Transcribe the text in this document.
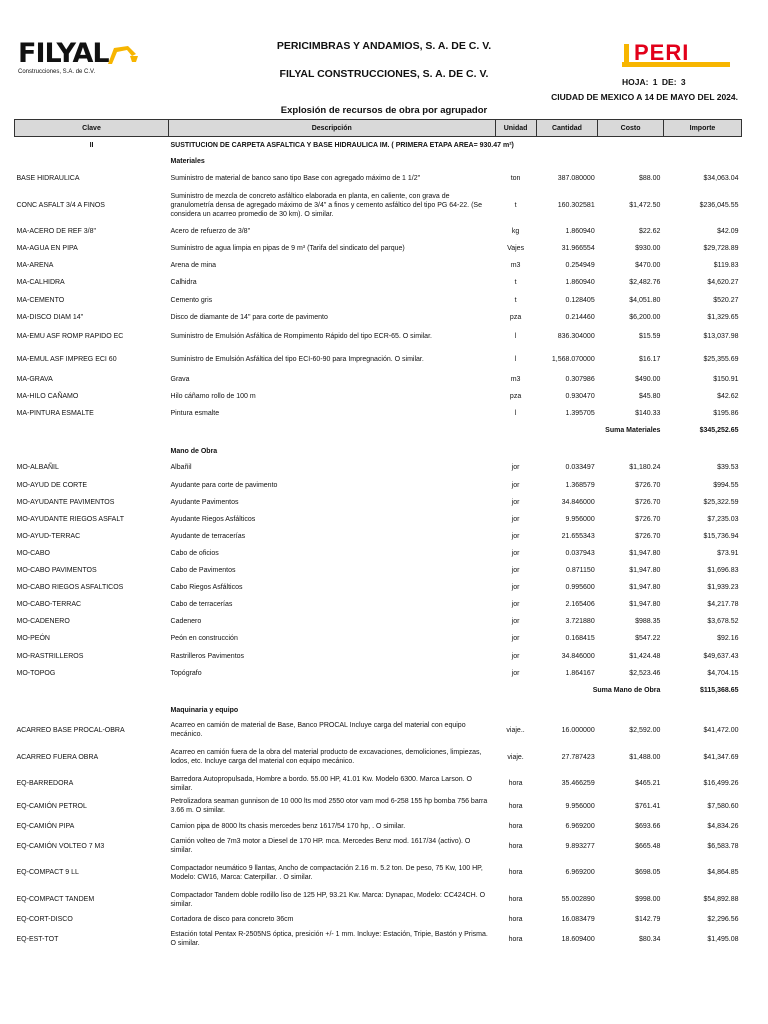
FILYAL
Construcciones, S.A. de C.V.
PERICIMBRAS Y ANDAMIOS, S. A. DE C. V.
FILYAL CONSTRUCCIONES, S. A. DE C. V.
PERI
HOJA: 1 DE: 3
CIUDAD DE MEXICO A 14 DE MAYO DEL 2024.
Explosión de recursos de obra por agrupador
Clave	Descripción	Unidad	Cantidad	Costo	Importe
II	SUSTITUCION DE CARPETA ASFALTICA Y BASE HIDRAULICA IM. ( PRIMERA ETAPA AREA= 930.47 m²)				
	Materiales				
BASE HIDRAULICA	Suministro de material de banco sano tipo Base con agregado máximo de 1 1/2"	ton	387.080000	$88.00	$34,063.04
CONC ASFALT 3/4 A FINOS	Suministro de mezcla de concreto asfáltico elaborada en planta, en caliente, con grava de granulometría densa de agregado máximo de 3/4" a finos y cemento asfáltico del tipo PG 64-22. (Se considera un acarreo promedio de 30 km). O similar.	t	160.302581	$1,472.50	$236,045.55
MA-ACERO DE REF 3/8"	Acero de refuerzo de 3/8"	kg	1.860940	$22.62	$42.09
MA-AGUA EN PIPA	Suministro de agua limpia en pipas de 9 m³ (Tarifa del sindicato del parque)	Vajes	31.966554	$930.00	$29,728.89
MA-ARENA	Arena de mina	m3	0.254949	$470.00	$119.83
MA-CALHIDRA	Calhidra	t	1.860940	$2,482.76	$4,620.27
MA-CEMENTO	Cemento gris	t	0.128405	$4,051.80	$520.27
MA-DISCO DIAM 14"	Disco de diamante de 14" para corte de pavimento	pza	0.214460	$6,200.00	$1,329.65
MA-EMU ASF ROMP RAPIDO EC	Suministro de Emulsión Asfáltica de Rompimento Rápido del tipo ECR-65. O similar.	l	836.304000	$15.59	$13,037.98
MA-EMUL ASF IMPREG ECI 60	Suministro de Emulsión Asfáltica del tipo ECI-60-90 para Impregnación. O similar.	l	1,568.070000	$16.17	$25,355.69
MA-GRAVA	Grava	m3	0.307986	$490.00	$150.91
MA-HILO CAÑAMO	Hilo cáñamo rollo de 100 m	pza	0.930470	$45.80	$42.62
MA-PINTURA ESMALTE	Pintura esmalte	l	1.395705	$140.33	$195.86
		Suma Materiales			$345,252.65

	Mano de Obra				
MO-ALBAÑIL	Albañil	jor	0.033497	$1,180.24	$39.53
MO-AYUD DE CORTE	Ayudante para corte de pavimento	jor	1.368579	$726.70	$994.55
MO-AYUDANTE PAVIMENTOS	Ayudante Pavimentos	jor	34.846000	$726.70	$25,322.59
MO-AYUDANTE RIEGOS ASFALT	Ayudante Riegos Asfálticos	jor	9.956000	$726.70	$7,235.03
MO-AYUD-TERRAC	Ayudante de terracerías	jor	21.655343	$726.70	$15,736.94
MO-CABO	Cabo de oficios	jor	0.037943	$1,947.80	$73.91
MO-CABO PAVIMENTOS	Cabo de Pavimentos	jor	0.871150	$1,947.80	$1,696.83
MO-CABO RIEGOS ASFALTICOS	Cabo Riegos Asfálticos	jor	0.995600	$1,947.80	$1,939.23
MO-CABO-TERRAC	Cabo de terracerías	jor	2.165406	$1,947.80	$4,217.78
MO-CADENERO	Cadenero	jor	3.721880	$988.35	$3,678.52
MO-PEÓN	Peón en construcción	jor	0.168415	$547.22	$92.16
MO-RASTRILLEROS	Rastrilleros Pavimentos	jor	34.846000	$1,424.48	$49,637.43
MO-TOPOG	Topógrafo	jor	1.864167	$2,523.46	$4,704.15
		Suma Mano de Obra			$115,368.65

	Maquinaria y equipo				
ACARREO BASE PROCAL-OBRA	Acarreo en camión de material de Base, Banco PROCAL Incluye carga del material con equipo mecánico.	viaje..	16.000000	$2,592.00	$41,472.00
ACARREO FUERA OBRA	Acarreo en camión fuera de la obra del material producto de excavaciones, demoliciones, limpiezas, lodos, etc. Incluye carga del material con equipo mecánico.	viaje.	27.787423	$1,488.00	$41,347.69
EQ-BARREDORA	Barredora Autopropulsada, Hombre a bordo. 55.00 HP, 41.01 Kw. Modelo 6300. Marca Larson. O similar.	hora	35.466259	$465.21	$16,499.26
EQ-CAMIÓN PETROL	Petrolizadora seaman gunnison de 10 000 lts mod 2550 otor vam mod 6-258 155 hp bomba 756 barra 3.66 m. O similar.	hora	9.956000	$761.41	$7,580.60
EQ-CAMIÓN PIPA	Camion pipa de 8000 lts chasis mercedes benz 1617/54 170 hp, . O similar.	hora	6.969200	$693.66	$4,834.26
EQ-CAMIÓN VOLTEO 7 M3	Camión volteo de 7m3 motor a Diesel de 170 HP. mca. Mercedes Benz mod. 1617/34 (activo). O similar.	hora	9.893277	$665.48	$6,583.78
EQ-COMPACT 9 LL	Compactador neumático 9 llantas, Ancho de compactación 2.16 m. 5.2 ton. De peso, 75 Kw, 100 HP, Modelo: CW16, Marca: Caterpillar. . O similar.	hora	6.969200	$698.05	$4,864.85
EQ-COMPACT TANDEM	Compactador Tandem doble rodillo liso de 125 HP, 93.21 Kw. Marca: Dynapac, Modelo: CC424CH. O similar.	hora	55.002890	$998.00	$54,892.88
EQ-CORT-DISCO	Cortadora de disco para concreto 36cm	hora	16.083479	$142.79	$2,296.56
EQ-EST-TOT	Estación total Pentax R-2505NS óptica, presición +/- 1 mm. Incluye: Estación, Tripie, Bastón y Prisma. O similar.	hora	18.609400	$80.34	$1,495.08
